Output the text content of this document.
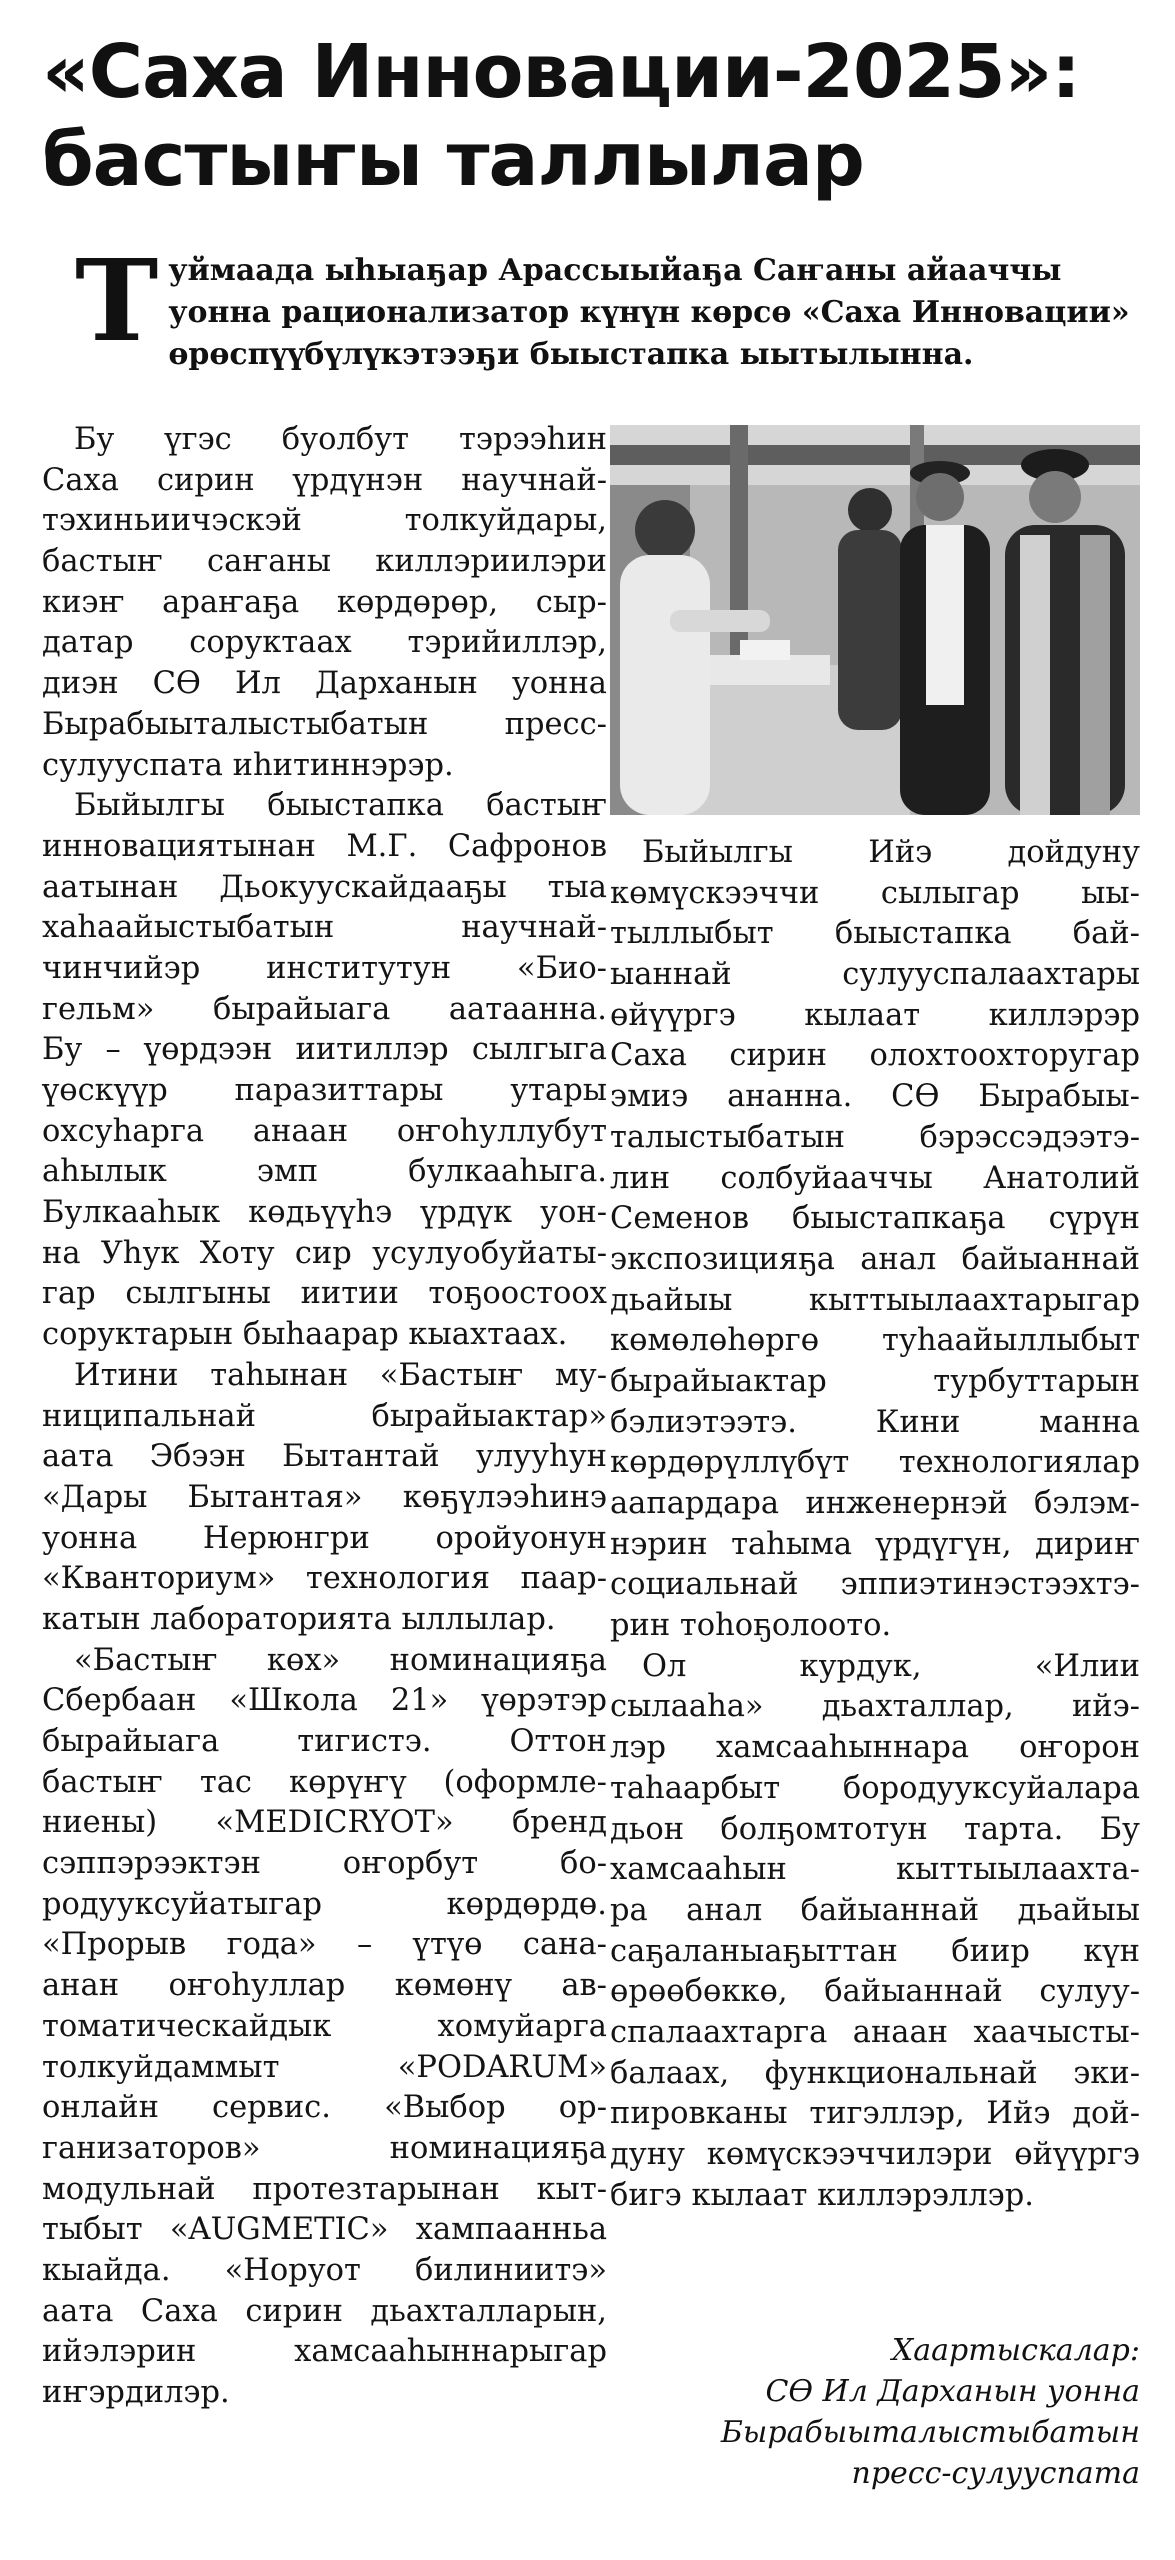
«Саха Инновации-2025»:
бастыҥы таллылар
Т уймаада ыһыаҕар Арассыыйаҕа Саҥаны айааччы
уонна рационализатор күнүн көрсө «Саха Инновации»
өрөспүүбүлүкэтээҕи быыстапка ыытылынна.
Бу үгэс буолбут тэрээһин
Саха сирин үрдүнэн научнай-
тэхиньиичэскэй толкуйдары,
бастыҥ саҥаны киллэриилэри
киэҥ араҥаҕа көрдөрөр, сыр-
датар соруктаах тэрийиллэр,
диэн СӨ Ил Дарханын уонна
Бырабыыталыстыбатын пресс-
сулууспата иһитиннэрэр.
Быйылгы быыстапка бастыҥ
инновациятынан М.Г. Сафронов
аатынан Дьокуускайдааҕы тыа
хаһаайыстыбатын научнай-
чинчийэр институтун «Био-
гельм» бырайыага аатаанна.
Бу – үөрдээн иитиллэр сылгыга
үөскүүр паразиттары утары
охсуһарга анаан оҥоһуллубут
аһылык эмп булкааһыга.
Булкааһык көдьүүһэ үрдүк уон-
на Уһук Хоту сир усулуобуйаты-
гар сылгыны иитии тоҕоостоох
соруктарын быһаарар кыахтаах.
Итини таһынан «Бастыҥ му-
ниципальнай бырайыактар»
аата Эбээн Бытантай улууһун
«Дары Бытантая» көҕүлээһинэ
уонна Нерюнгри оройуонун
«Кванториум» технология паар-
катын лабораторията ыллылар.
«Бастыҥ көх» номинацияҕа
Сбербаан «Школа 21» үөрэтэр
бырайыага тигистэ. Оттон
бастыҥ тас көрүҥү (оформле-
ниены) «MEDICRYOT» бренд
сэппэрээктэн оҥорбут бо-
родууксуйатыгар көрдөрдө.
«Прорыв года» – үтүө сана-
анан оҥоһуллар көмөнү ав-
томатическайдык хомуйарга
толкуйдаммыт «PODARUM»
онлайн сервис. «Выбор ор-
ганизаторов» номинацияҕа
модульнай протезтарынан кыт-
тыбыт «AUGMETIC» хампаанньа
кыайда. «Норуот билиниитэ»
аата Саха сирин дьахталларын,
ийэлэрин хамсааһыннарыгар
иҥэрдилэр.
Быйылгы Ийэ дойдуну
көмүскээччи сылыгар ыы-
тыллыбыт быыстапка бай-
ыаннай сулууспалаахтары
өйүүргэ кылаат киллэрэр
Саха сирин олохтоохторугар
эмиэ ананна. СӨ Бырабыы-
талыстыбатын бэрэссэдээтэ-
лин солбуйааччы Анатолий
Семенов быыстапкаҕа сүрүн
экспозицияҕа анал байыаннай
дьайыы кыттыылаахтарыгар
көмөлөһөргө туһаайыллыбыт
бырайыактар турбуттарын
бэлиэтээтэ. Кини манна
көрдөрүллүбүт технологиялар
аапардара инженернэй бэлэм-
нэрин таһыма үрдүгүн, дириҥ
социальнай эппиэтинэстээхтэ-
рин тоһоҕолоото.
Ол курдук, «Илии
сылааһа» дьахталлар, ийэ-
лэр хамсааһыннара оҥорон
таһаарбыт бородууксуйалара
дьон болҕомтотун тарта. Бу
хамсааһын кыттыылаахта-
ра анал байыаннай дьайыы
саҕаланыаҕыттан биир күн
өрөөбөккө, байыаннай сулуу-
спалаахтарга анаан хаачысты-
балаах, функциональнай эки-
пировканы тигэллэр, Ийэ дой-
дуну көмүскээччилэри өйүүргэ
бигэ кылаат киллэрэллэр.
Хаартыскалар:
СӨ Ил Дарханын уонна
Бырабыыталыстыбатын
пресс-сулууспата
